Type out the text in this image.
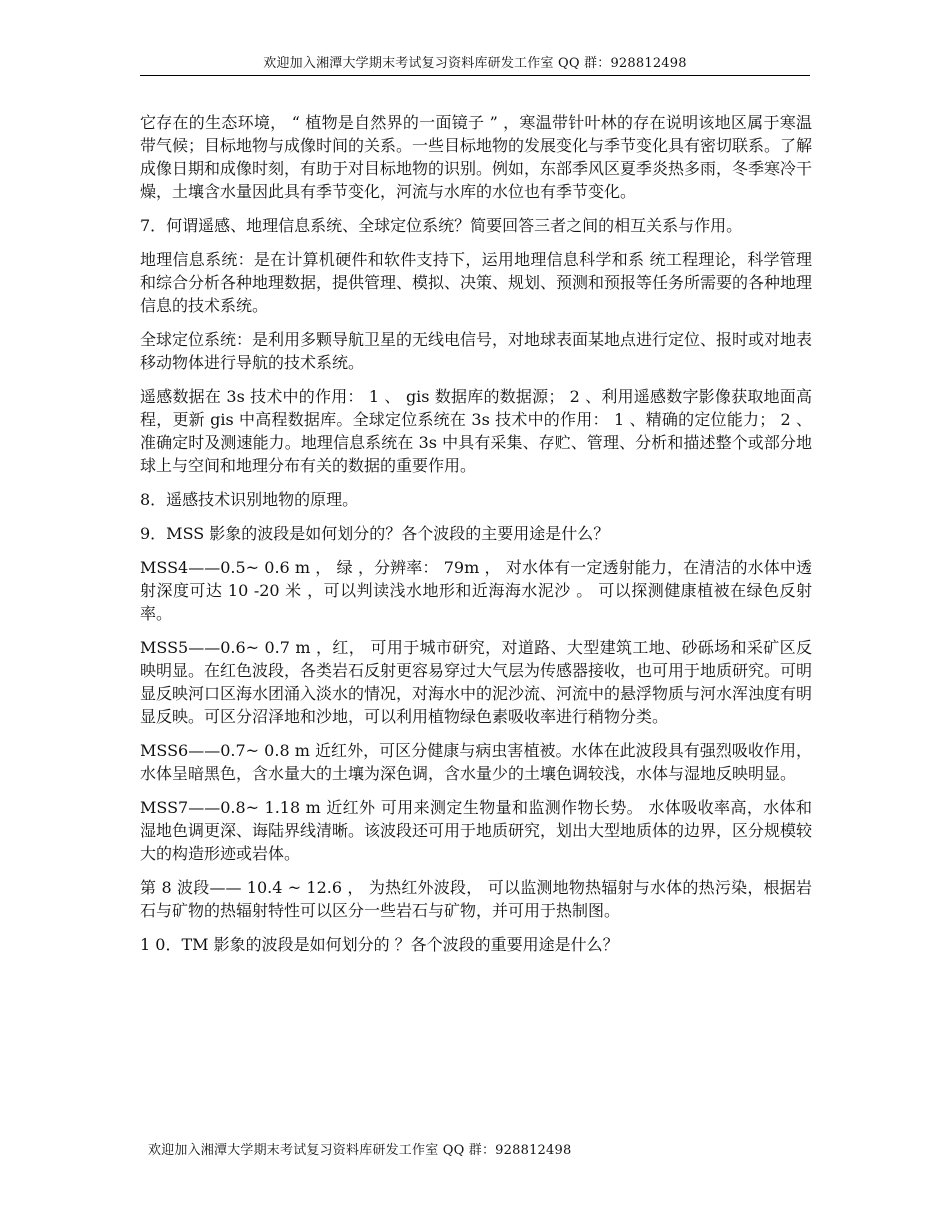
欢迎加入湘潭大学期末考试复习资料库研发工作室 QQ 群：928812498

它存在的生态环境， “ 植物是自然界的一面镜子 ” ，寒温带针叶林的存在说明该地区属于寒温带气候；目标地物与成像时间的关系。一些目标地物的发展变化与季节变化具有密切联系。了解成像日期和成像时刻，有助于对目标地物的识别。例如，东部季风区夏季炎热多雨，冬季寒冷干燥，土壤含水量因此具有季节变化，河流与水库的水位也有季节变化。

7．何谓遥感、地理信息系统、全球定位系统？简要回答三者之间的相互关系与作用。

地理信息系统：是在计算机硬件和软件支持下，运用地理信息科学和系 统工程理论，科学管理和综合分析各种地理数据，提供管理、模拟、决策、规划、预测和预报等任务所需要的各种地理信息的技术系统。

全球定位系统：是利用多颗导航卫星的无线电信号，对地球表面某地点进行定位、报时或对地表移动物体进行导航的技术系统。

遥感数据在 3s 技术中的作用： 1 、 gis 数据库的数据源； 2 、利用遥感数字影像获取地面高程，更新 gis 中高程数据库。全球定位系统在 3s 技术中的作用： 1 、精确的定位能力； 2 、准确定时及测速能力。地理信息系统在 3s 中具有采集、存贮、管理、分析和描述整个或部分地球上与空间和地理分布有关的数据的重要作用。

8．遥感技术识别地物的原理。

9．MSS 影象的波段是如何划分的？各个波段的主要用途是什么？

MSS4——0.5~ 0.6 m ， 绿 ，分辨率： 79m ， 对水体有一定透射能力，在清洁的水体中透射深度可达 10 -20 米 ，可以判读浅水地形和近海海水泥沙 。 可以探测健康植被在绿色反射率。

MSS5——0.6~ 0.7 m ，红， 可用于城市研究，对道路、大型建筑工地、砂砾场和采矿区反映明显。在红色波段，各类岩石反射更容易穿过大气层为传感器接收，也可用于地质研究。可明显反映河口区海水团涌入淡水的情况，对海水中的泥沙流、河流中的悬浮物质与河水浑浊度有明显反映。可区分沼泽地和沙地，可以利用植物绿色素吸收率进行稍物分类。

MSS6——0.7~ 0.8 m 近红外，可区分健康与病虫害植被。水体在此波段具有强烈吸收作用，水体呈暗黑色，含水量大的土壤为深色调，含水量少的土壤色调较浅，水体与湿地反映明显。

MSS7——0.8~ 1.18 m 近红外 可用来测定生物量和监测作物长势。 水体吸收率高，水体和湿地色调更深、诲陆界线清晰。该波段还可用于地质研究，划出大型地质体的边界，区分规模较大的构造形迹或岩体。

第 8 波段—— 10.4 ~ 12.6 ， 为热红外波段， 可以监测地物热辐射与水体的热污染，根据岩石与矿物的热辐射特性可以区分一些岩石与矿物，并可用于热制图。

1 0．TM 影象的波段是如何划分的 ？各个波段的重要用途是什么？

欢迎加入湘潭大学期末考试复习资料库研发工作室 QQ 群：928812498
